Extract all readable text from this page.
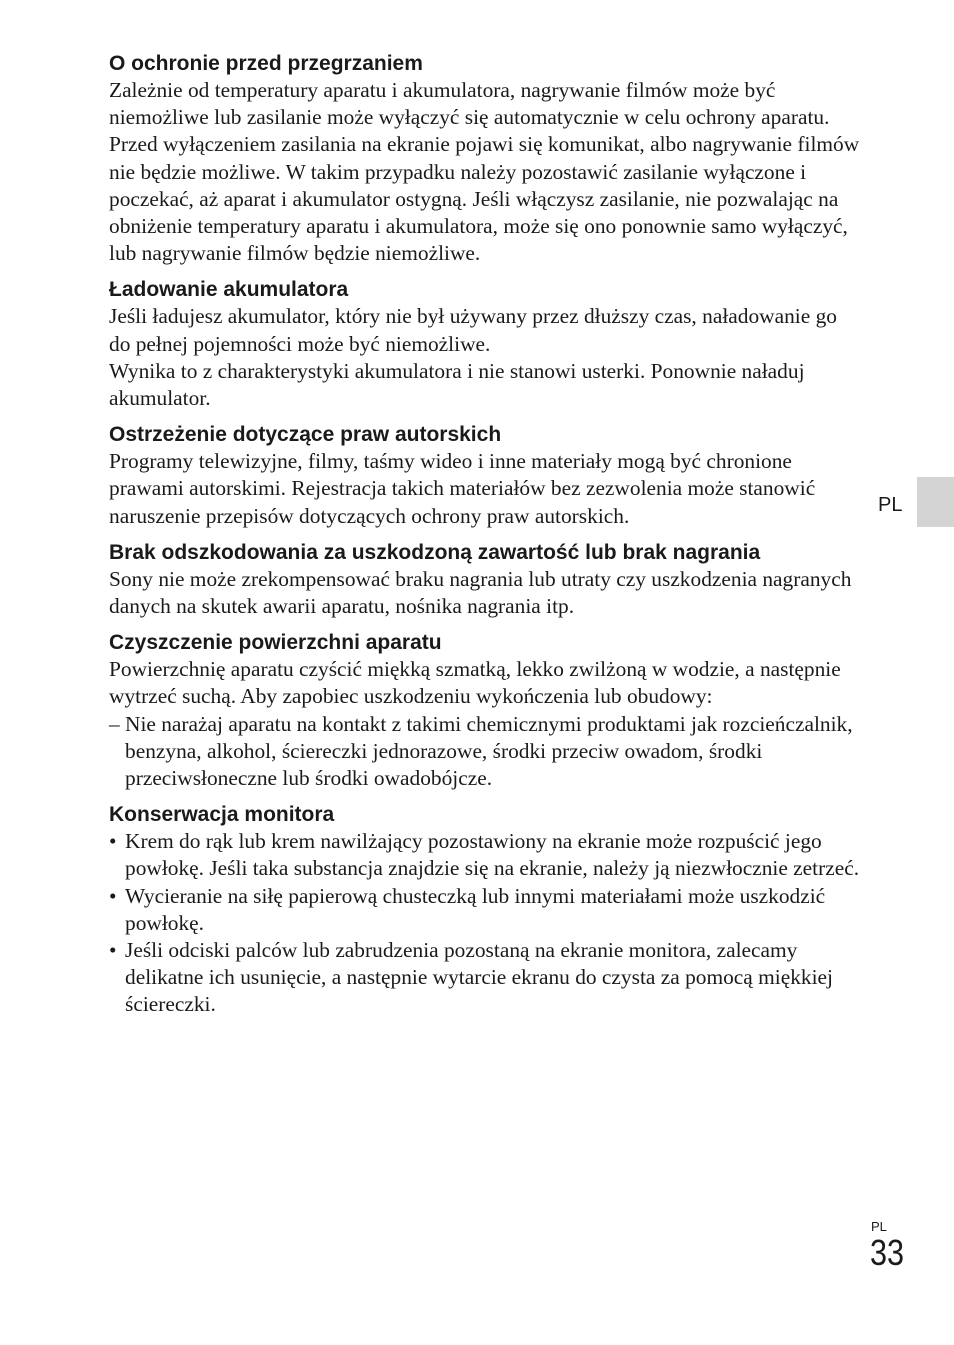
O ochronie przed przegrzaniem

Zależnie od temperatury aparatu i akumulatora, nagrywanie filmów może być niemożliwe lub zasilanie może wyłączyć się automatycznie w celu ochrony aparatu.

Przed wyłączeniem zasilania na ekranie pojawi się komunikat, albo nagrywanie filmów nie będzie możliwe. W takim przypadku należy pozostawić zasilanie wyłączone i poczekać, aż aparat i akumulator ostygną. Jeśli włączysz zasilanie, nie pozwalając na obniżenie temperatury aparatu i akumulatora, może się ono ponownie samo wyłączyć, lub nagrywanie filmów będzie niemożliwe.

Ładowanie akumulatora

Jeśli ładujesz akumulator, który nie był używany przez dłuższy czas, naładowanie go do pełnej pojemności może być niemożliwe.

Wynika to z charakterystyki akumulatora i nie stanowi usterki. Ponownie naładuj akumulator.

Ostrzeżenie dotyczące praw autorskich

Programy telewizyjne, filmy, taśmy wideo i inne materiały mogą być chronione prawami autorskimi. Rejestracja takich materiałów bez zezwolenia może stanowić naruszenie przepisów dotyczących ochrony praw autorskich.

Brak odszkodowania za uszkodzoną zawartość lub brak nagrania

Sony nie może zrekompensować braku nagrania lub utraty czy uszkodzenia nagranych danych na skutek awarii aparatu, nośnika nagrania itp.

Czyszczenie powierzchni aparatu

Powierzchnię aparatu czyścić miękką szmatką, lekko zwilżoną w wodzie, a następnie wytrzeć suchą. Aby zapobiec uszkodzeniu wykończenia lub obudowy:

– Nie narażaj aparatu na kontakt z takimi chemicznymi produktami jak rozcieńczalnik, benzyna, alkohol, ściereczki jednorazowe, środki przeciw owadom, środki przeciwsłoneczne lub środki owadobójcze.
Konserwacja monitora
• Krem do rąk lub krem nawilżający pozostawiony na ekranie może rozpuścić jego powłokę. Jeśli taka substancja znajdzie się na ekranie, należy ją niezwłocznie zetrzeć.
• Wycieranie na siłę papierową chusteczką lub innymi materiałami może uszkodzić powłokę.
• Jeśli odciski palców lub zabrudzenia pozostaną na ekranie monitora, zalecamy delikatne ich usunięcie, a następnie wytarcie ekranu do czysta za pomocą miękkiej ściereczki.
PL
PL
33
